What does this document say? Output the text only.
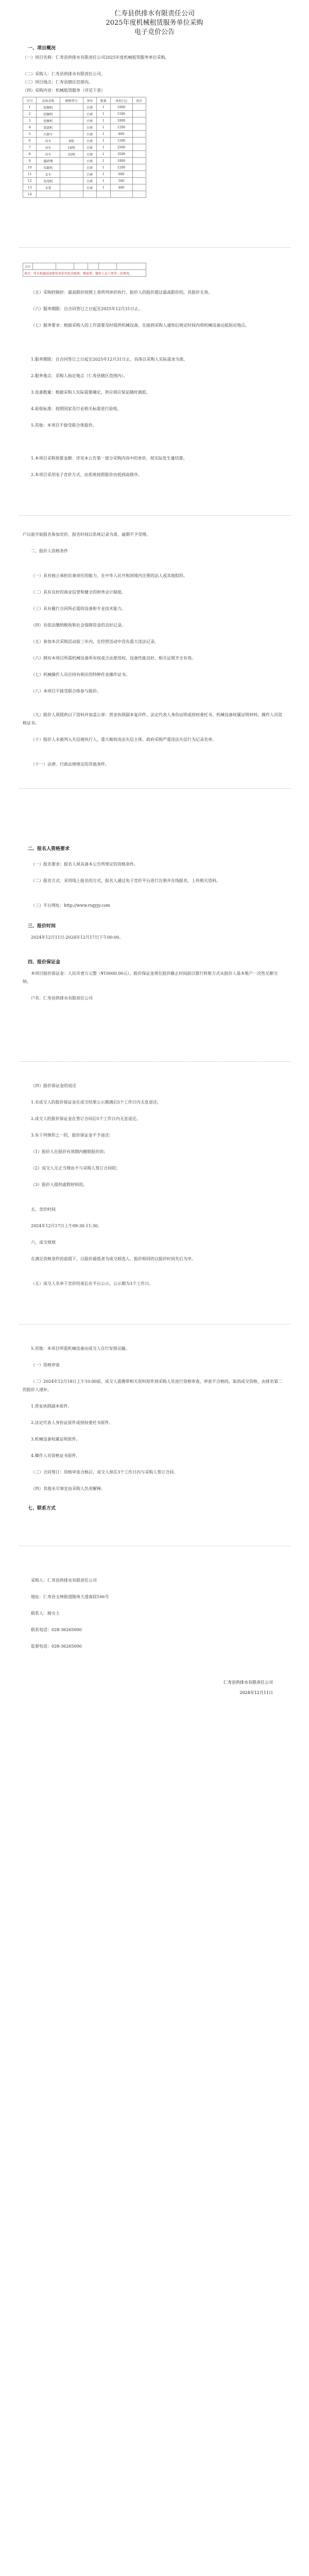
仁寿县供排水有限责任公司

2025年度机械租赁服务单位采购

电子竞价公告

一、项目概况
（一）项目名称：仁寿县供排水有限责任公司2025年度机械租赁服务单位采购。
（二）采购人：仁寿县供排水有限责任公司。
（三）项目地点：仁寿县辖区范围内。
（四）采购内容：机械租赁服务（详见下表）
序号	设备名称	规格型号	单位	数量	单价(元)	备注
1	挖掘机		台班	1	1000	
2	挖掘机		台班	1	1500	
3	挖掘机		台班	1	1800	
4	装载机		台班	1	1200	
5	自卸车		台班	1	800	
6	吊车	8吨	台班	1	1500	
7	吊车	16吨	台班	1	2500	
8	吊车	25吨	台班	1	3500	
9	破碎锤		台班	1	1800	
10	压路机		台班	1	1200	
11	叉车		台班	1	600	
12	发电机		台班	1	500	
13	水泵		台班	1	400	
14						
合计						
备注：所有机械设备租赁单价均包含税费、燃油费、操作人员工资等一切费用。
（五）采购控制价：最高限价按照上表所列单价执行，报价人的报价超过最高限价的，其报价无效。
（六）服务期限：自合同签订之日起至2025年12月31日止。
（七）服务要求：根据采购人的工作需要及时提供机械设备，在接到采购人通知后规定时间内将机械设备运抵指定地点。
1.服务期限：自合同签订之日起至2025年12月31日止，具体以采购人实际需求为准。
2.服务地点：采购人指定地点（仁寿县辖区范围内）。
3.设备数量：根据采购人实际需要确定，供应商应保证随时调派。
4.验收标准：按照国家及行业相关标准进行验收。
5.其他：本项目不接受联合体报价。
1.本项目采购预算金额：详见本公告第一部分采购内容中的单价，按实际发生量结算。
2.本项目采用电子竞价方式，由系统按照报价由低到高排序。
户以前开始报名参加竞价，报名时间以系统记录为准，逾期不予受理。
二、报价人资格条件
（一）具有独立承担民事责任的能力，在中华人民共和国境内注册的法人或其他组织。
（二）具有良好的商业信誉和健全的财务会计制度。
（三）具有履行合同所必需的设备和专业技术能力。
（四）有依法缴纳税收和社会保障资金的良好记录。
（五）参加本次采购活动前三年内，在经营活动中没有重大违法记录。
（六）拥有本项目所需机械设备所有权或合法使用权，设备性能良好，相关证照齐全有效。
（七）机械操作人员应持有相应的特种作业操作证书。
（八）本项目不接受联合体参与报价。
（九）报价人须提供以下资料并加盖公章：营业执照副本复印件、法定代表人身份证明或授权委托书、机械设备权属证明材料、操作人员资格证书。
（十）报价人未被列入失信被执行人、重大税收违法失信主体、政府采购严重违法失信行为记录名单。
（十一）法律、行政法规规定的其他条件。
二、报名人资格要求
（一）报名要求：报名人须具备本公告所规定的资格条件。
（二）报名方式：采用线上报名的方式，报名人通过电子竞价平台进行注册并在线报名，上传相关资料。
（三）平台网址：http://www.rsgyjy.com
三、报价时间
2024年12月11日-2024年12月17日下午00:00。
四、报价保证金
本项目报价保证金：人民币壹万元整（¥10000.00元），报价保证金须在报价截止时间前以银行转账方式从报价人基本账户一次性足额交纳。
户名：仁寿县供排水有限责任公司
（四）报价保证金的退还
1.未成交人的报价保证金在成交结果公示期满后5个工作日内无息退还。
2.成交人的报价保证金在签订合同后5个工作日内无息退还。
3.有下列情形之一的，报价保证金不予退还：
（1）报价人在报价有效期内撤销报价的；
（2）成交人无正当理由不与采购人签订合同的；
（3）报价人提供虚假材料的。
五、竞价时间
2024年12月17日上午09:30-11:30。
六、成交规则
在满足资格条件的前提下，以报价最低者为成交候选人，报价相同的以报价时间先后为序。
（五）成交人名单于竞价结束后在平台公示，公示期为3个工作日。
5.其他：本项目所需机械设备由成交人自行安排运输。
（一）资格审查
（二）2024年12月18日上午10:00前，成交人需携带相关资料原件到采购人处进行资格审查，审查不合格的，取消成交资格，由排名第二的报价人递补。
1.营业执照副本原件。
2.法定代表人身份证原件或授权委托书原件。
3.机械设备权属证明原件。
4.操作人员资格证书原件。
（三）合同签订：资格审查合格后，成交人须在3个工作日内与采购人签订合同。
（四）其他未尽事宜由采购人负责解释。
七、联系方式
采购人：仁寿县供排水有限责任公司
地址：仁寿县文林街道陵州大道南段166号
联系人：杨女士
联系电话：028-36265000
监督电话：028-36265000
仁寿县供排水有限责任公司
2024年12月11日
